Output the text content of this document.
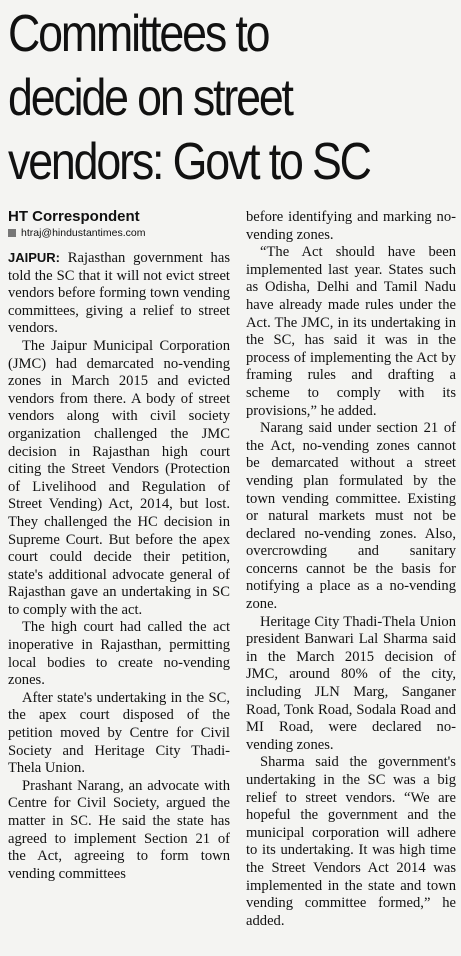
Committees to
decide on street
vendors: Govt to SC
HT Correspondent
htraj@hindustantimes.com

JAIPUR: Rajasthan government has told the SC that it will not evict street vendors before forming town vending committees, giving a relief to street vendors.

The Jaipur Municipal Corporation (JMC) had demarcated no-vending zones in March 2015 and evicted vendors from there. A body of street vendors along with civil society organization challenged the JMC decision in Rajasthan high court citing the Street Vendors (Protection of Livelihood and Regulation of Street Vending) Act, 2014, but lost. They challenged the HC decision in Supreme Court. But before the apex court could decide their petition, state's additional advocate general of Rajasthan gave an undertaking in SC to comply with the act.

The high court had called the act inoperative in Rajasthan, permitting local bodies to create no-vending zones.

After state's undertaking in the SC, the apex court disposed of the petition moved by Centre for Civil Society and Heritage City Thadi-Thela Union.

Prashant Narang, an advocate with Centre for Civil Society, argued the matter in SC. He said the state has agreed to implement Section 21 of the Act, agreeing to form town vending committees

before identifying and marking no-vending zones.

“The Act should have been implemented last year. States such as Odisha, Delhi and Tamil Nadu have already made rules under the Act. The JMC, in its undertaking in the SC, has said it was in the process of implementing the Act by framing rules and drafting a scheme to comply with its provisions,” he added.

Narang said under section 21 of the Act, no-vending zones cannot be demarcated without a street vending plan formulated by the town vending committee. Existing or natural markets must not be declared no-vending zones. Also, overcrowding and sanitary concerns cannot be the basis for notifying a place as a no-vending zone.

Heritage City Thadi-Thela Union president Banwari Lal Sharma said in the March 2015 decision of JMC, around 80% of the city, including JLN Marg, Sanganer Road, Tonk Road, Sodala Road and MI Road, were declared no-vending zones.

Sharma said the government's undertaking in the SC was a big relief to street vendors. “We are hopeful the government and the municipal corporation will adhere to its undertaking. It was high time the Street Vendors Act 2014 was implemented in the state and town vending committee formed,” he added.
